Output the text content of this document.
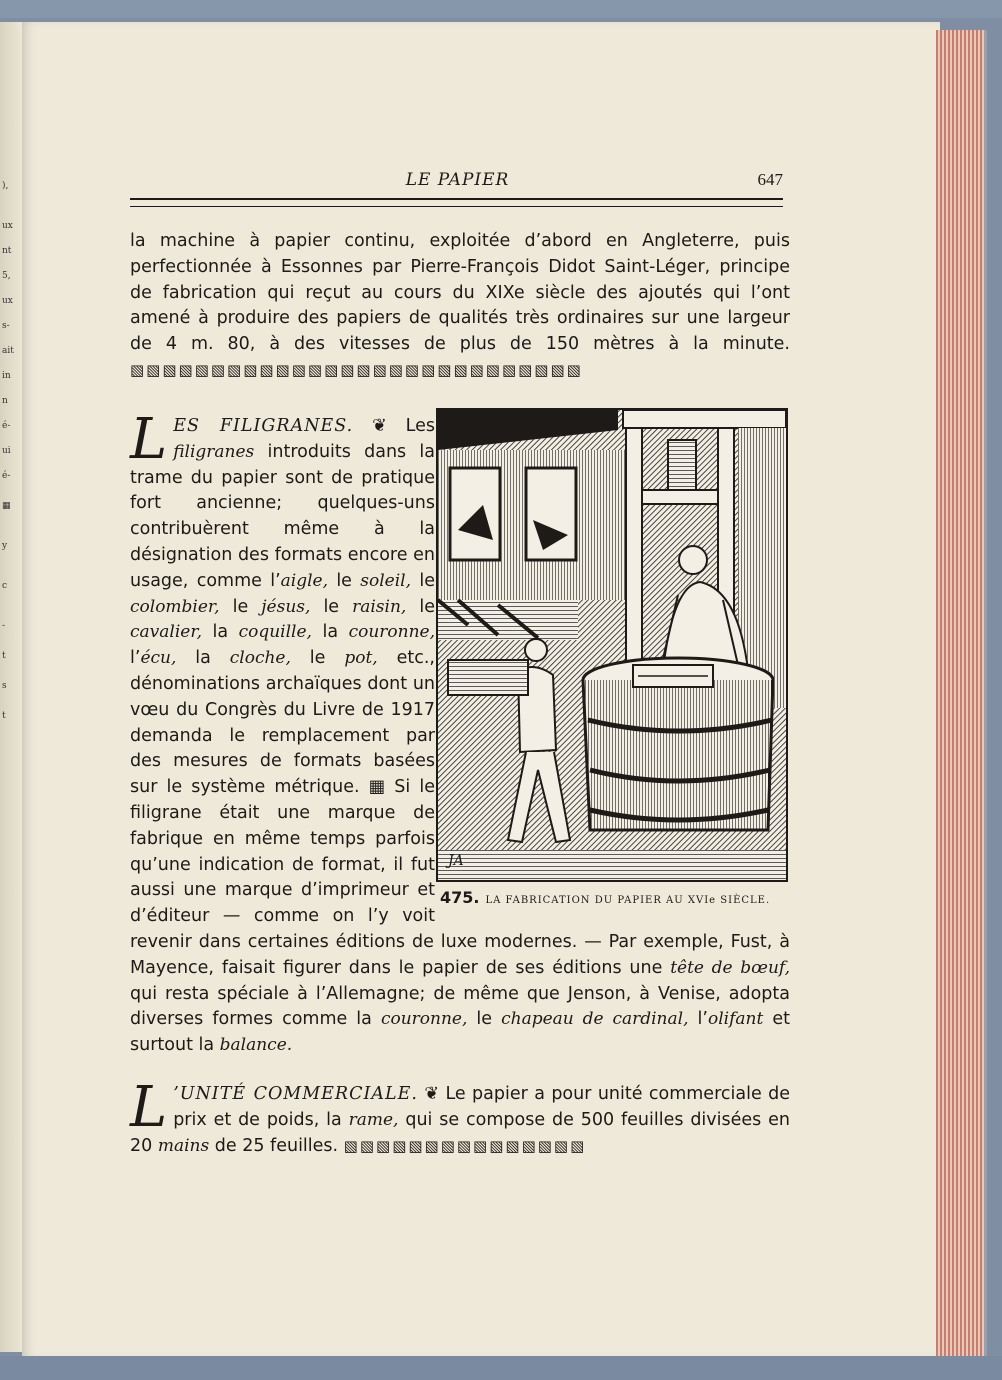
),
ux
nt
5,
ux
s-
ait
in
n
é-
ui
é-
▦
y
c
-
t
s
t
LE PAPIER	647

la machine à papier continu, exploitée d’abord en Angleterre, puis perfectionnée à Essonnes par Pierre-François Didot Saint-Léger, principe de fabrication qui reçut au cours du XIXe siècle des ajoutés qui l’ont amené à produire des papiers de qualités très ordinaires sur une largeur de 4 m. 80, à des vitesses de plus de 150 mètres à la minute. ▧▧▧▧▧▧▧▧▧▧▧▧▧▧▧▧▧▧▧▧▧▧▧▧▧▧▧▧

LES FILIGRANES. ❦ Les filigranes introduits dans la trame du papier sont de pratique fort ancienne; quelques-uns contribuèrent même à la désignation des formats encore en usage, comme l’aigle, le soleil, le colombier, le jésus, le raisin, le cavalier, la coquille, la couronne, l’écu, la cloche, le pot, etc., dénominations archaïques dont un vœu du Congrès du Livre de 1917 demanda le remplacement par des mesures de formats basées sur le système métrique. ▦ Si le filigrane était une marque de fabrique en même temps parfois qu’une indication de format, il fut aussi une marque d’imprimeur et d’éditeur — comme on l’y voit revenir dans certaines éditions de luxe modernes. — Par exemple, Fust, à Mayence, faisait figurer dans le papier de ses éditions une tête de bœuf, qui resta spéciale à l’Allemagne; de même que Jenson, à Venise, adopta diverses formes comme la couronne, le chapeau de cardinal, l’olifant et surtout la balance.

JA
475. LA FABRICATION DU PAPIER AU XVIe SIÈCLE.

L ’UNITÉ COMMERCIALE. ❦ Le papier a pour unité commerciale de prix et de poids, la rame, qui se compose de 500 feuilles divisées en 20 mains de 25 feuilles. ▧▧▧▧▧▧▧▧▧▧▧▧▧▧▧
